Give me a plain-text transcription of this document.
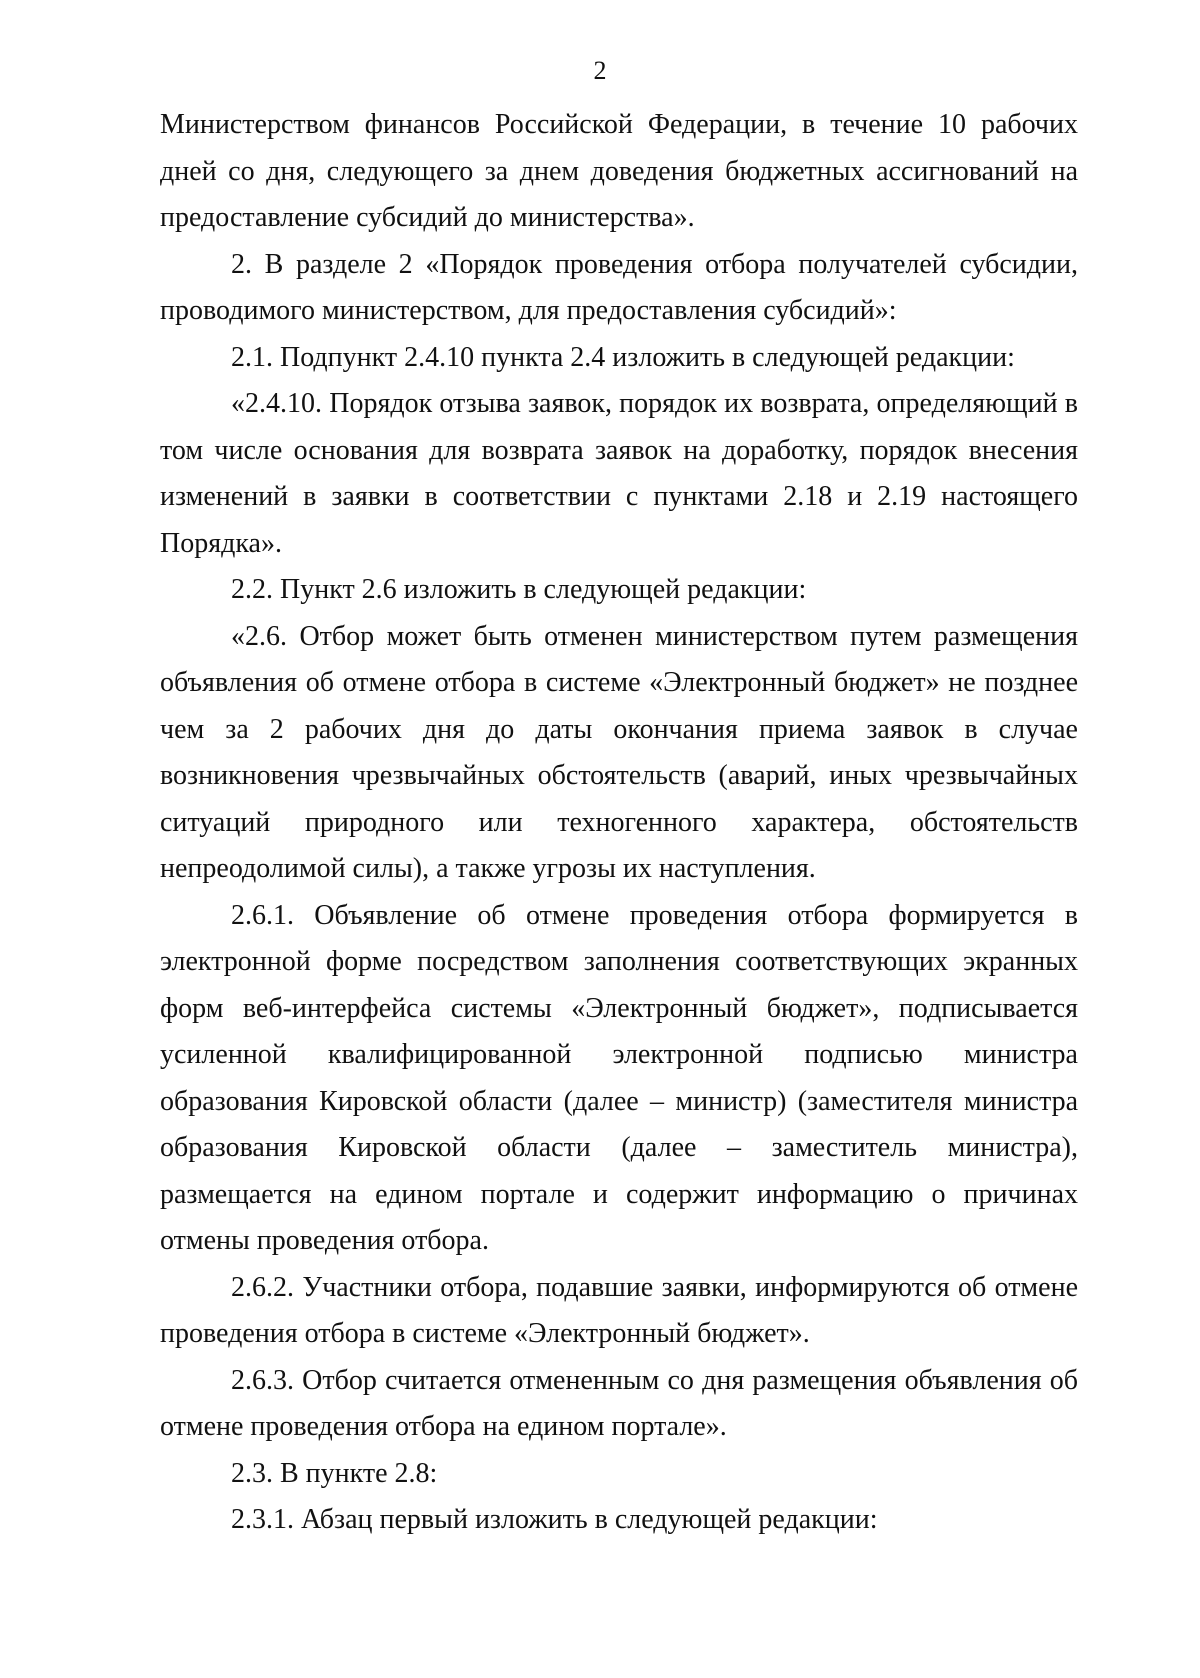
2

Министерством финансов Российской Федерации, в течение 10 рабочих дней со дня, следующего за днем доведения бюджетных ассигнований на предоставление субсидий до министерства».

2. В разделе 2 «Порядок проведения отбора получателей субсидии, проводимого министерством, для предоставления субсидий»:

2.1. Подпункт 2.4.10 пункта 2.4 изложить в следующей редакции:

«2.4.10. Порядок отзыва заявок, порядок их возврата, определяющий в том числе основания для возврата заявок на доработку, порядок внесения изменений в заявки в соответствии с пунктами 2.18 и 2.19 настоящего Порядка».

2.2. Пункт 2.6 изложить в следующей редакции:

«2.6. Отбор может быть отменен министерством путем размещения объявления об отмене отбора в системе «Электронный бюджет» не позднее чем за 2 рабочих дня до даты окончания приема заявок в случае возникновения чрезвычайных обстоятельств (аварий, иных чрезвычайных ситуаций природного или техногенного характера, обстоятельств непреодолимой силы), а также угрозы их наступления.

2.6.1. Объявление об отмене проведения отбора формируется в электронной форме посредством заполнения соответствующих экранных форм веб-интерфейса системы «Электронный бюджет», подписывается усиленной квалифицированной электронной подписью министра образования Кировской области (далее – министр) (заместителя министра образования Кировской области (далее – заместитель министра), размещается на едином портале и содержит информацию о причинах отмены проведения отбора.

2.6.2. Участники отбора, подавшие заявки, информируются об отмене проведения отбора в системе «Электронный бюджет».

2.6.3. Отбор считается отмененным со дня размещения объявления об отмене проведения отбора на едином портале».

2.3. В пункте 2.8:

2.3.1. Абзац первый изложить в следующей редакции:
